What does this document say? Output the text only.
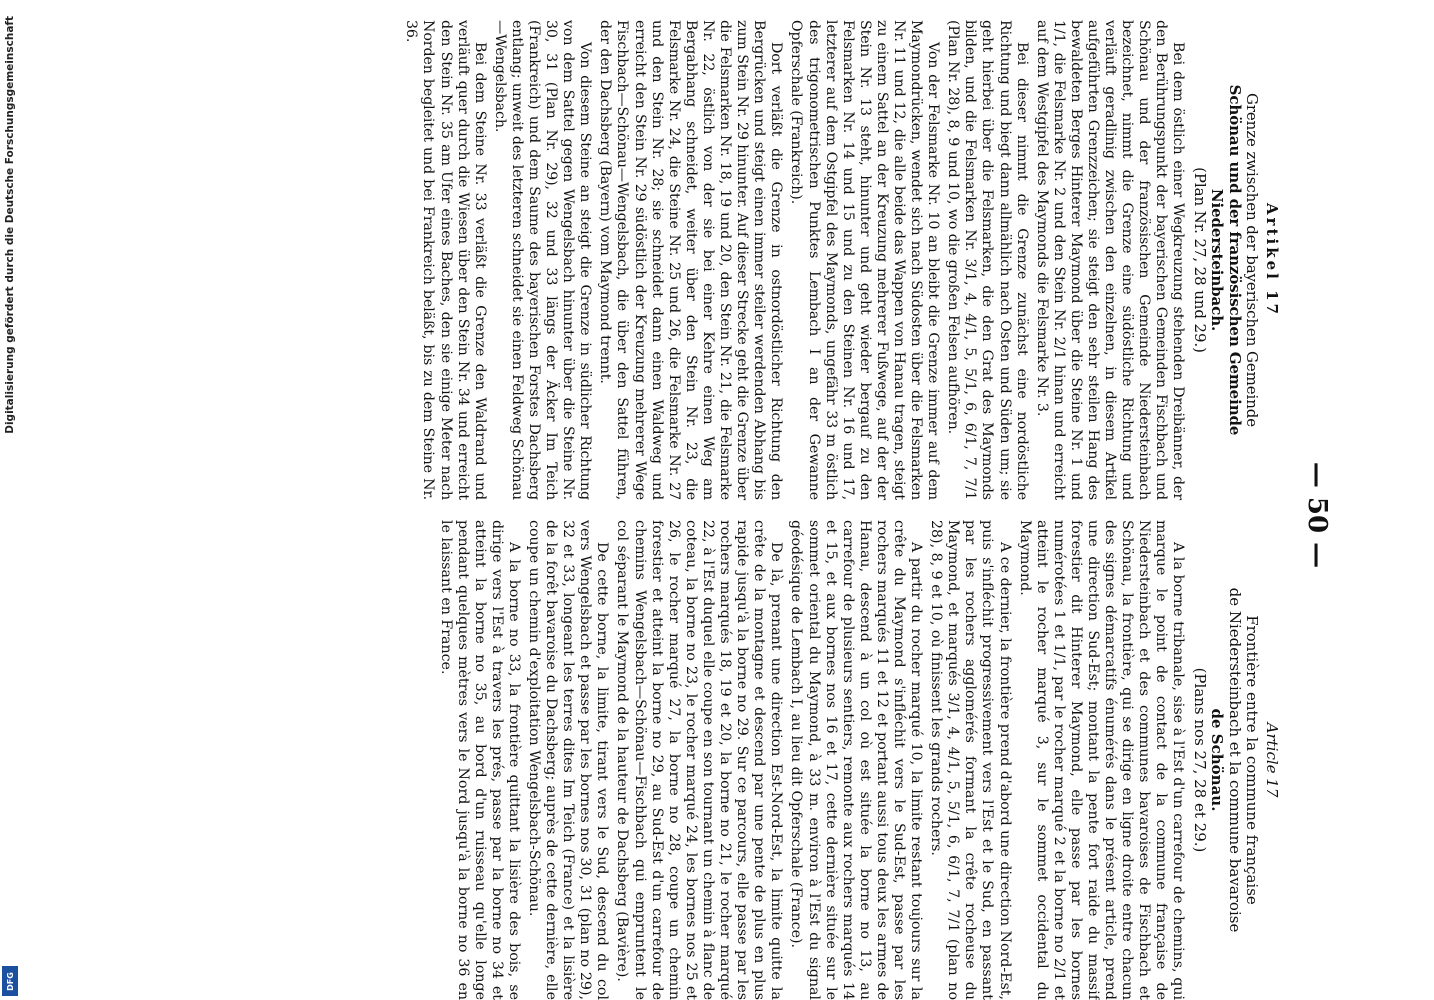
— 50 —

Artikel 17

Grenze zwischen der bayerischen Gemeinde

Schönau und der französischen Gemeinde

Niedersteinbach.

(Plan Nr. 27, 28 und 29.)

Bei dem östlich einer Wegkreuzung stehenden Dreibänner, der den Berührungspunkt der bayerischen Gemeinden Fischbach und Schönau und der französischen Gemeinde Niedersteinbach bezeichnet, nimmt die Grenze eine südöstliche Richtung und verläuft geradlinig zwischen den einzelnen, in diesem Artikel aufgeführten Grenzzeichen; sie steigt den sehr steilen Hang des bewaldeten Berges Hinterer Maymond über die Steine Nr. 1 und 1/1, die Felsmarke Nr. 2 und den Stein Nr. 2/1 hinan und erreicht auf dem Westgipfel des Maymonds die Felsmarke Nr. 3.

Bei dieser nimmt die Grenze zunächst eine nordöstliche Richtung und biegt dann allmählich nach Osten und Süden um; sie geht hierbei über die Felsmarken, die den Grat des Maymonds bilden, und die Felsmarken Nr. 3/1, 4, 4/1, 5, 5/1, 6, 6/1, 7, 7/1 (Plan Nr. 28), 8, 9 und 10, wo die großen Felsen aufhören.

Von der Felsmarke Nr. 10 an bleibt die Grenze immer auf dem Maymondrücken, wendet sich nach Südosten über die Felsmarken Nr. 11 und 12, die alle beide das Wappen von Hanau tragen, steigt zu einem Sattel an der Kreuzung mehrerer Fußwege, auf der der Stein Nr. 13 steht, hinunter und geht wieder bergauf zu den Felsmarken Nr. 14 und 15 und zu den Steinen Nr. 16 und 17, letzterer auf dem Ostgipfel des Maymonds, ungefähr 33 m östlich des trigonometrischen Punktes Lembach I an der Gewanne Opferschale (Frankreich).

Dort verläßt die Grenze in ostnordöstlicher Richtung den Bergrücken und steigt einen immer steiler werdenden Abhang bis zum Stein Nr. 29 hinunter. Auf dieser Strecke geht die Grenze über die Felsmarken Nr. 18, 19 und 20, den Stein Nr. 21, die Felsmarke Nr. 22, östlich von der sie bei einer Kehre einen Weg am Bergabhang schneidet, weiter über den Stein Nr. 23, die Felsmarke Nr. 24, die Steine Nr. 25 und 26, die Felsmarke Nr. 27 und den Stein Nr. 28; sie schneidet dann einen Waldweg und erreicht den Stein Nr. 29 südöstlich der Kreuzung mehrerer Wege Fischbach—Schönau—Wengelsbach, die über den Sattel führen, der den Dachsberg (Bayern) vom Maymond trennt.

Von diesem Steine an steigt die Grenze in südlicher Richtung von dem Sattel gegen Wengelsbach hinunter über die Steine Nr. 30, 31 (Plan Nr. 29), 32 und 33 längs der Äcker Im Teich (Frankreich) und dem Saume des bayerischen Forstes Dachsberg entlang; unweit des letzteren schneidet sie einen Feldweg Schönau—Wengelsbach.

Bei dem Steine Nr. 33 verläßt die Grenze den Waldrand und verläuft quer durch die Wiesen über den Stein Nr. 34 und erreicht den Stein Nr. 35 am Ufer eines Baches, den sie einige Meter nach Norden begleitet und bei Frankreich beläßt, bis zu dem Steine Nr. 36.

Article 17

Frontière entre la commune française

de Niedersteinbach et la commune bavaroise

de Schönau.

(Plans nos 27, 28 et 29.)

A la borne tribanale, sise à l'Est d'un carrefour de chemins, qui marque le point de contact de la commune française de Niedersteinbach et des communes bavaroises de Fischbach et Schönau, la frontière, qui se dirige en ligne droite entre chacun des signes démarcatifs énumérés dans le présent article, prend une direction Sud-Est; montant la pente fort raide du massif forestier dit Hinterer Maymond, elle passe par les bornes numérotées 1 et 1/1, par le rocher marqué 2 et la borne no 2/1 et atteint le rocher marqué 3, sur le sommet occidental du Maymond.

A ce dernier, la frontière prend d'abord une direction Nord-Est, puis s'infléchit progressivement vers l'Est et le Sud, en passant par les rochers agglomérés formant la crête rocheuse du Maymond, et marqués 3/1, 4, 4/1, 5, 5/1, 6, 6/1, 7, 7/1 (plan no 28), 8, 9 et 10, où finissent les grands rochers.

A partir du rocher marqué 10, la limite restant toujours sur la crête du Maymond s'infléchit vers le Sud-Est, passe par les rochers marqués 11 et 12 et portant aussi tous deux les armes de Hanau, descend à un col où est située la borne no 13, au carrefour de plusieurs sentiers, remonte aux rochers marqués 14 et 15, et aux bornes nos 16 et 17, cette dernière située sur le sommet oriental du Maymond, à 33 m. environ à l'Est du signal géodésique de Lembach I, au lieu dit Opferschale (France).

De là, prenant une direction Est-Nord-Est, la limite quitte la crête de la montagne et descend par une pente de plus en plus rapide jusqu'à la borne no 29. Sur ce parcours, elle passe par les rochers marqués 18, 19 et 20, la borne no 21, le rocher marqué 22, à l'Est duquel elle coupe en son tournant un chemin à flanc de coteau, la borne no 23, le rocher marqué 24, les bornes nos 25 et 26, le rocher marqué 27, la borne no 28, coupe un chemin forestier et atteint la borne no 29, au Sud-Est d'un carrefour de chemins Wengelsbach—Schönau—Fischbach qui empruntent le col séparant le Maymond de la hauteur de Dachsberg (Bavière).

De cette borne, la limite, tirant vers le Sud, descend du col vers Wengelsbach et passe par les bornes nos 30, 31 (plan no 29), 32 et 33, longeant les terres dites Im Teich (France) et la lisière de la forêt bavaroise du Dachsberg; auprès de cette dernière, elle coupe un chemin d'exploitation Wengelsbach-Schönau.

A la borne no 33, la frontière quittant la lisière des bois, se dirige vers l'Est à travers les prés, passe par la borne no 34 et atteint la borne no 35, au bord d'un ruisseau qu'elle longe pendant quelques mètres vers le Nord jusqu'à la borne no 36 en le laissant en France.

Digitalisierung gefördert durch die Deutsche Forschungsgemeinschaft
DFG
